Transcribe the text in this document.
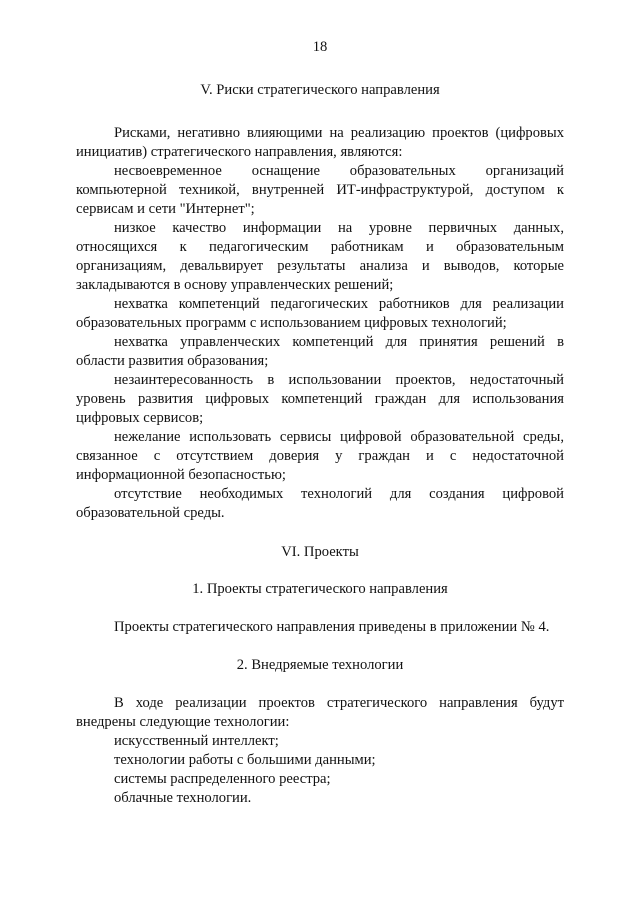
18
V. Риски стратегического направления

Рисками, негативно влияющими на реализацию проектов (цифровых инициатив) стратегического направления, являются:

несвоевременное оснащение образовательных организаций компьютерной техникой, внутренней ИТ-инфраструктурой, доступом к сервисам и сети "Интернет";

низкое качество информации на уровне первичных данных, относящихся к педагогическим работникам и образовательным организациям, девальвирует результаты анализа и выводов, которые закладываются в основу управленческих решений;

нехватка компетенций педагогических работников для реализации образовательных программ с использованием цифровых технологий;

нехватка управленческих компетенций для принятия решений в области развития образования;

незаинтересованность в использовании проектов, недостаточный уровень развития цифровых компетенций граждан для использования цифровых сервисов;

нежелание использовать сервисы цифровой образовательной среды, связанное с отсутствием доверия у граждан и с недостаточной информационной безопасностью;

отсутствие необходимых технологий для создания цифровой образовательной среды.

VI. Проекты
1. Проекты стратегического направления

Проекты стратегического направления приведены в приложении № 4.

2. Внедряемые технологии

В ходе реализации проектов стратегического направления будут внедрены следующие технологии:

искусственный интеллект;

технологии работы с большими данными;

системы распределенного реестра;

облачные технологии.
